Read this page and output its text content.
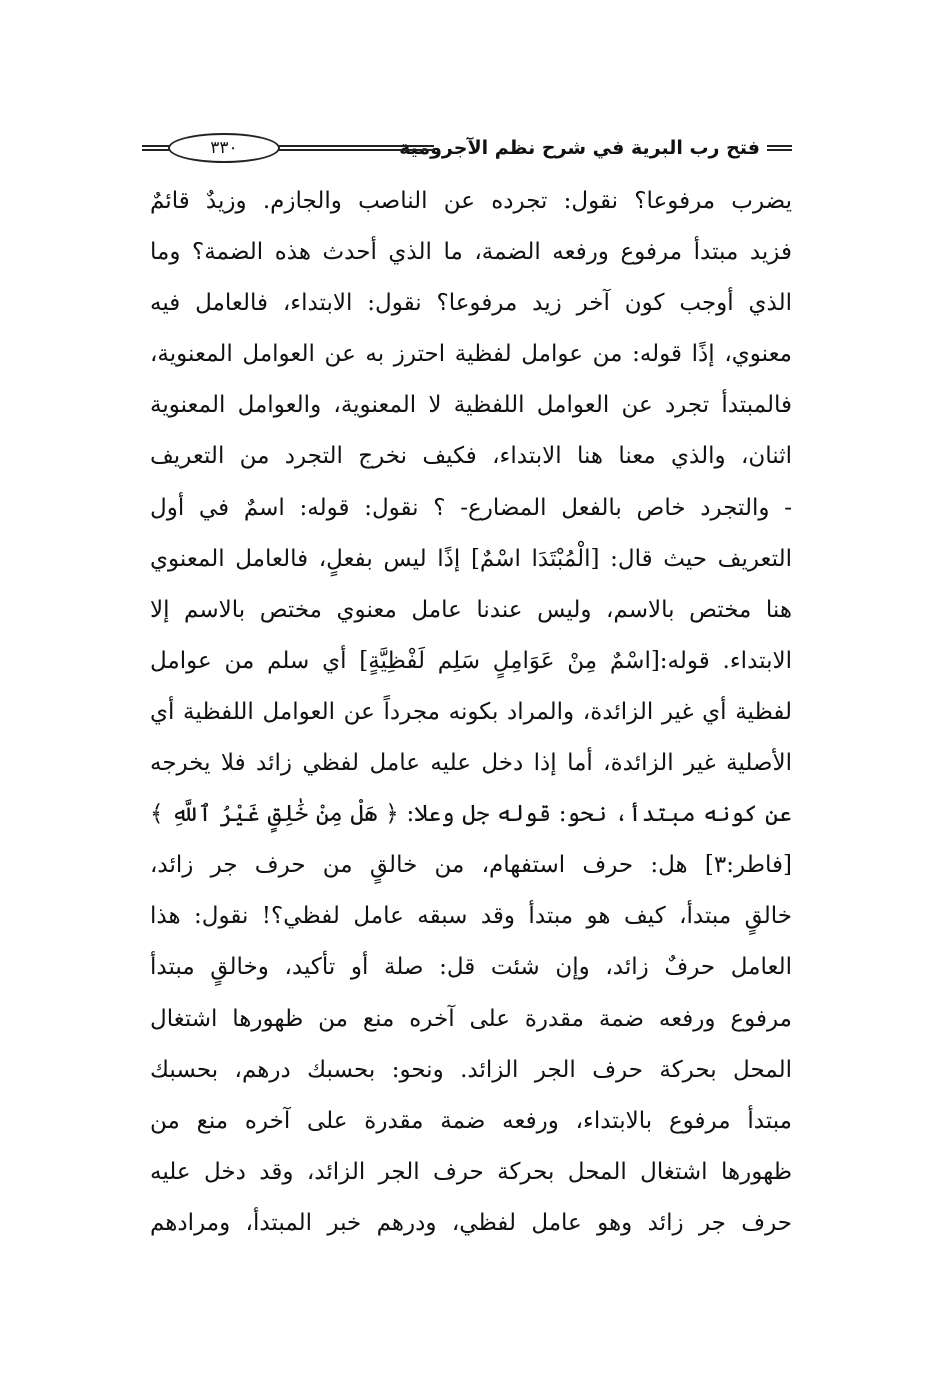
فتح رب البرية في شرح نظم الآجرومية
٣٣٠
يضرب مرفوعا؟ نقول: تجرده عن الناصب والجازم. وزيدٌ قائمٌ
فزيد مبتدأ مرفوع ورفعه الضمة، ما الذي أحدث هذه الضمة؟ وما
الذي أوجب كون آخر زيد مرفوعا؟ نقول: الابتداء، فالعامل فيه
معنوي، إذًا قوله: من عوامل لفظية احترز به عن العوامل المعنوية،
فالمبتدأ تجرد عن العوامل اللفظية لا المعنوية، والعوامل المعنوية
اثنان، والذي معنا هنا الابتداء، فكيف نخرج التجرد من التعريف
- والتجرد خاص بالفعل المضارع- ؟ نقول: قوله: اسمٌ في أول
التعريف حيث قال: [الْمُبْتَدَا اسْمٌ] إذًا ليس بفعلٍ، فالعامل المعنوي
هنا مختص بالاسم، وليس عندنا عامل معنوي مختص بالاسم إلا
الابتداء. قوله:[اسْمٌ مِنْ عَوَامِلٍ سَلِم لَفْظِيَّةٍ] أي سلم من عوامل
لفظية أي غير الزائدة، والمراد بكونه مجرداً عن العوامل اللفظية أي
الأصلية غير الزائدة، أما إذا دخل عليه عامل لفظي زائد فلا يخرجه
عن كونه مبتدأ، نحو: قوله جل وعلا: ﴿ هَلْ مِنْ خَٰلِقٍ غَيْرُ ٱللَّهِ ﴾
[فاطر:٣] هل: حرف استفهام، من خالقٍ من حرف جر زائد،
خالقٍ مبتدأ، كيف هو مبتدأ وقد سبقه عامل لفظي؟! نقول: هذا
العامل حرفٌ زائد، وإن شئت قل: صلة أو تأكيد، وخالقٍ مبتدأ
مرفوع ورفعه ضمة مقدرة على آخره منع من ظهورها اشتغال
المحل بحركة حرف الجر الزائد. ونحو: بحسبك درهم، بحسبك
مبتدأ مرفوع بالابتداء، ورفعه ضمة مقدرة على آخره منع من
ظهورها اشتغال المحل بحركة حرف الجر الزائد، وقد دخل عليه
حرف جر زائد وهو عامل لفظي، ودرهم خبر المبتدأ، ومرادهم
